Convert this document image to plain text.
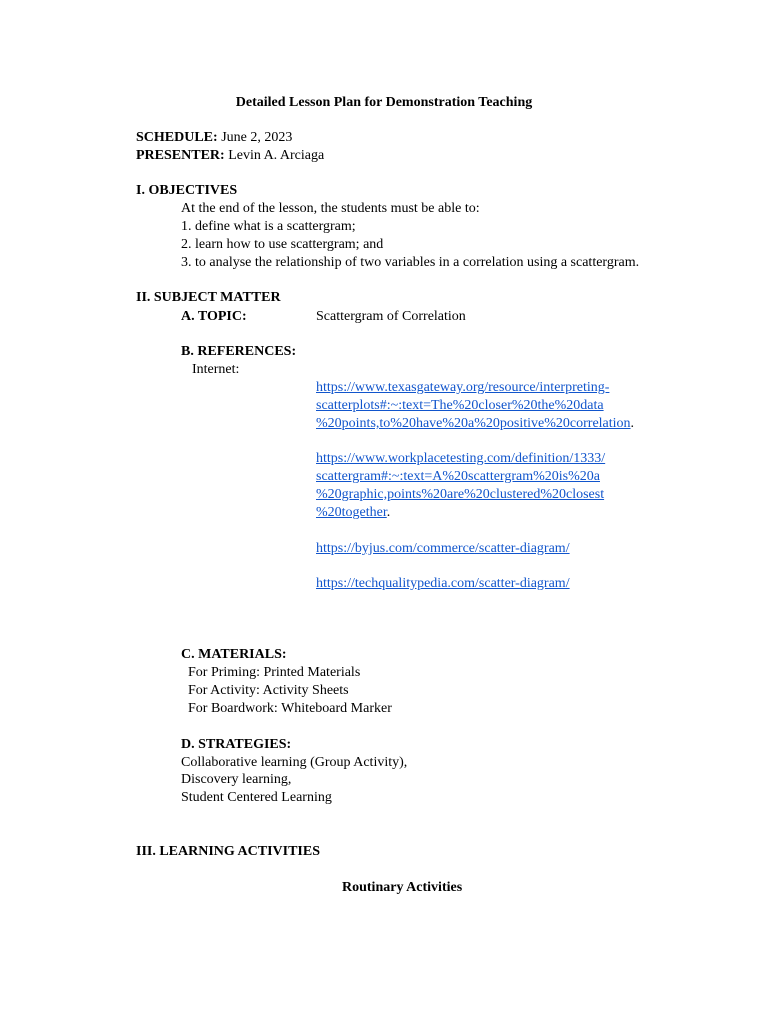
Detailed Lesson Plan for Demonstration Teaching
SCHEDULE: June 2, 2023
PRESENTER: Levin A. Arciaga
I. OBJECTIVES
At the end of the lesson, the students must be able to:
1. define what is a scattergram;
2. learn how to use scattergram; and
3. to analyse the relationship of two variables in a correlation using a scattergram.
II. SUBJECT MATTER
A. TOPIC:	Scattergram of Correlation
B. REFERENCES:
Internet:
https://www.texasgateway.org/resource/interpreting-
scatterplots#:~:text=The%20closer%20the%20data
%20points,to%20have%20a%20positive%20correlation.
https://www.workplacetesting.com/definition/1333/
scattergram#:~:text=A%20scattergram%20is%20a
%20graphic,points%20are%20clustered%20closest
%20together.
https://byjus.com/commerce/scatter-diagram/
https://techqualitypedia.com/scatter-diagram/
C. MATERIALS:
For Priming: Printed Materials
For Activity: Activity Sheets
For Boardwork: Whiteboard Marker
D. STRATEGIES:
Collaborative learning (Group Activity),
Discovery learning,
Student Centered Learning
III. LEARNING ACTIVITIES
Routinary Activities
